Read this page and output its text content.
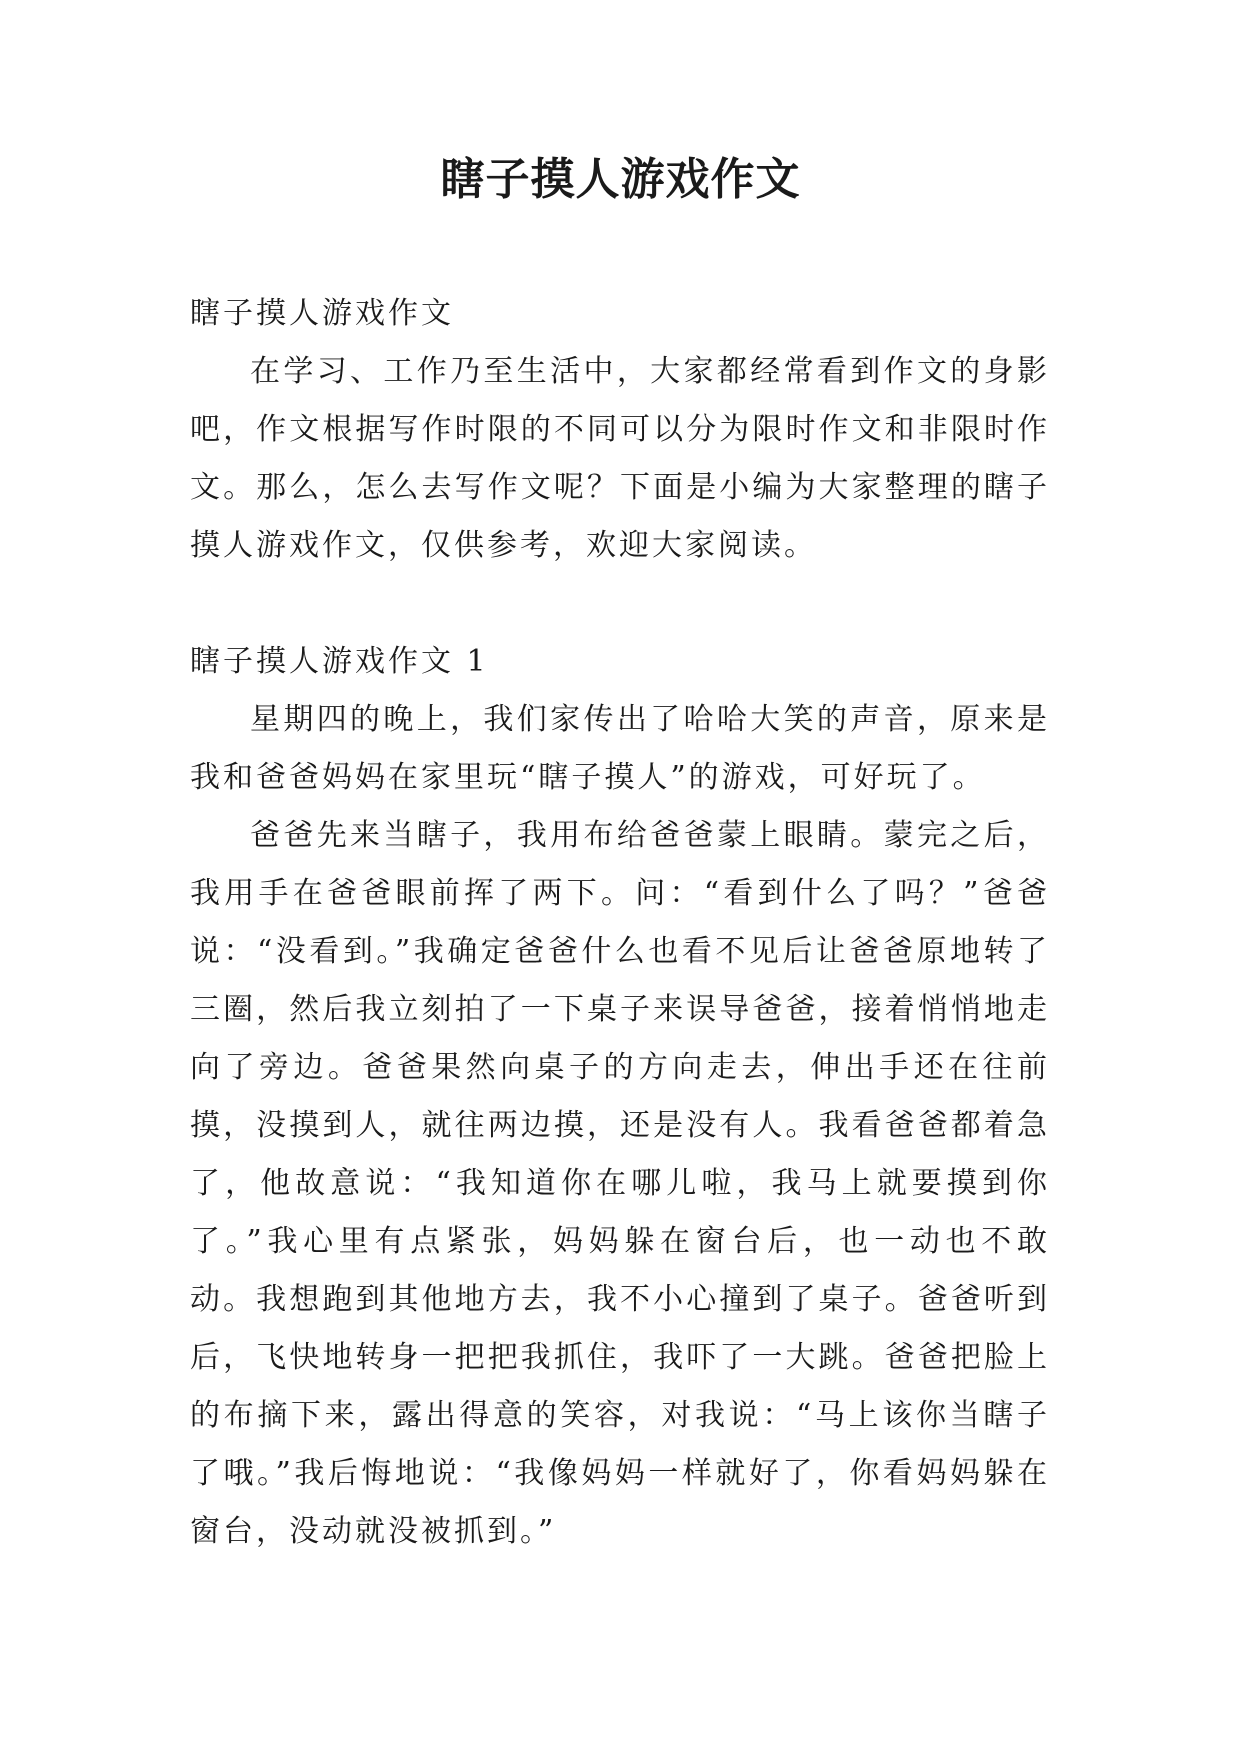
瞎子摸人游戏作文

瞎子摸人游戏作文

在学习、工作乃至生活中，大家都经常看到作文的身影吧，作文根据写作时限的不同可以分为限时作文和非限时作文。那么，怎么去写作文呢？下面是小编为大家整理的瞎子摸人游戏作文，仅供参考，欢迎大家阅读。

瞎子摸人游戏作文 1

星期四的晚上，我们家传出了哈哈大笑的声音，原来是我和爸爸妈妈在家里玩“瞎子摸人”的游戏，可好玩了。

爸爸先来当瞎子，我用布给爸爸蒙上眼睛。蒙完之后，我用手在爸爸眼前挥了两下。问：“看到什么了吗？”爸爸说：“没看到。”我确定爸爸什么也看不见后让爸爸原地转了三圈，然后我立刻拍了一下桌子来误导爸爸，接着悄悄地走向了旁边。爸爸果然向桌子的方向走去，伸出手还在往前摸，没摸到人，就往两边摸，还是没有人。我看爸爸都着急了，他故意说：“我知道你在哪儿啦，我马上就要摸到你了。”我心里有点紧张，妈妈躲在窗台后，也一动也不敢动。我想跑到其他地方去，我不小心撞到了桌子。爸爸听到后，飞快地转身一把把我抓住，我吓了一大跳。爸爸把脸上的布摘下来，露出得意的笑容，对我说：“马上该你当瞎子了哦。”我后悔地说：“我像妈妈一样就好了，你看妈妈躲在窗台，没动就没被抓到。”
